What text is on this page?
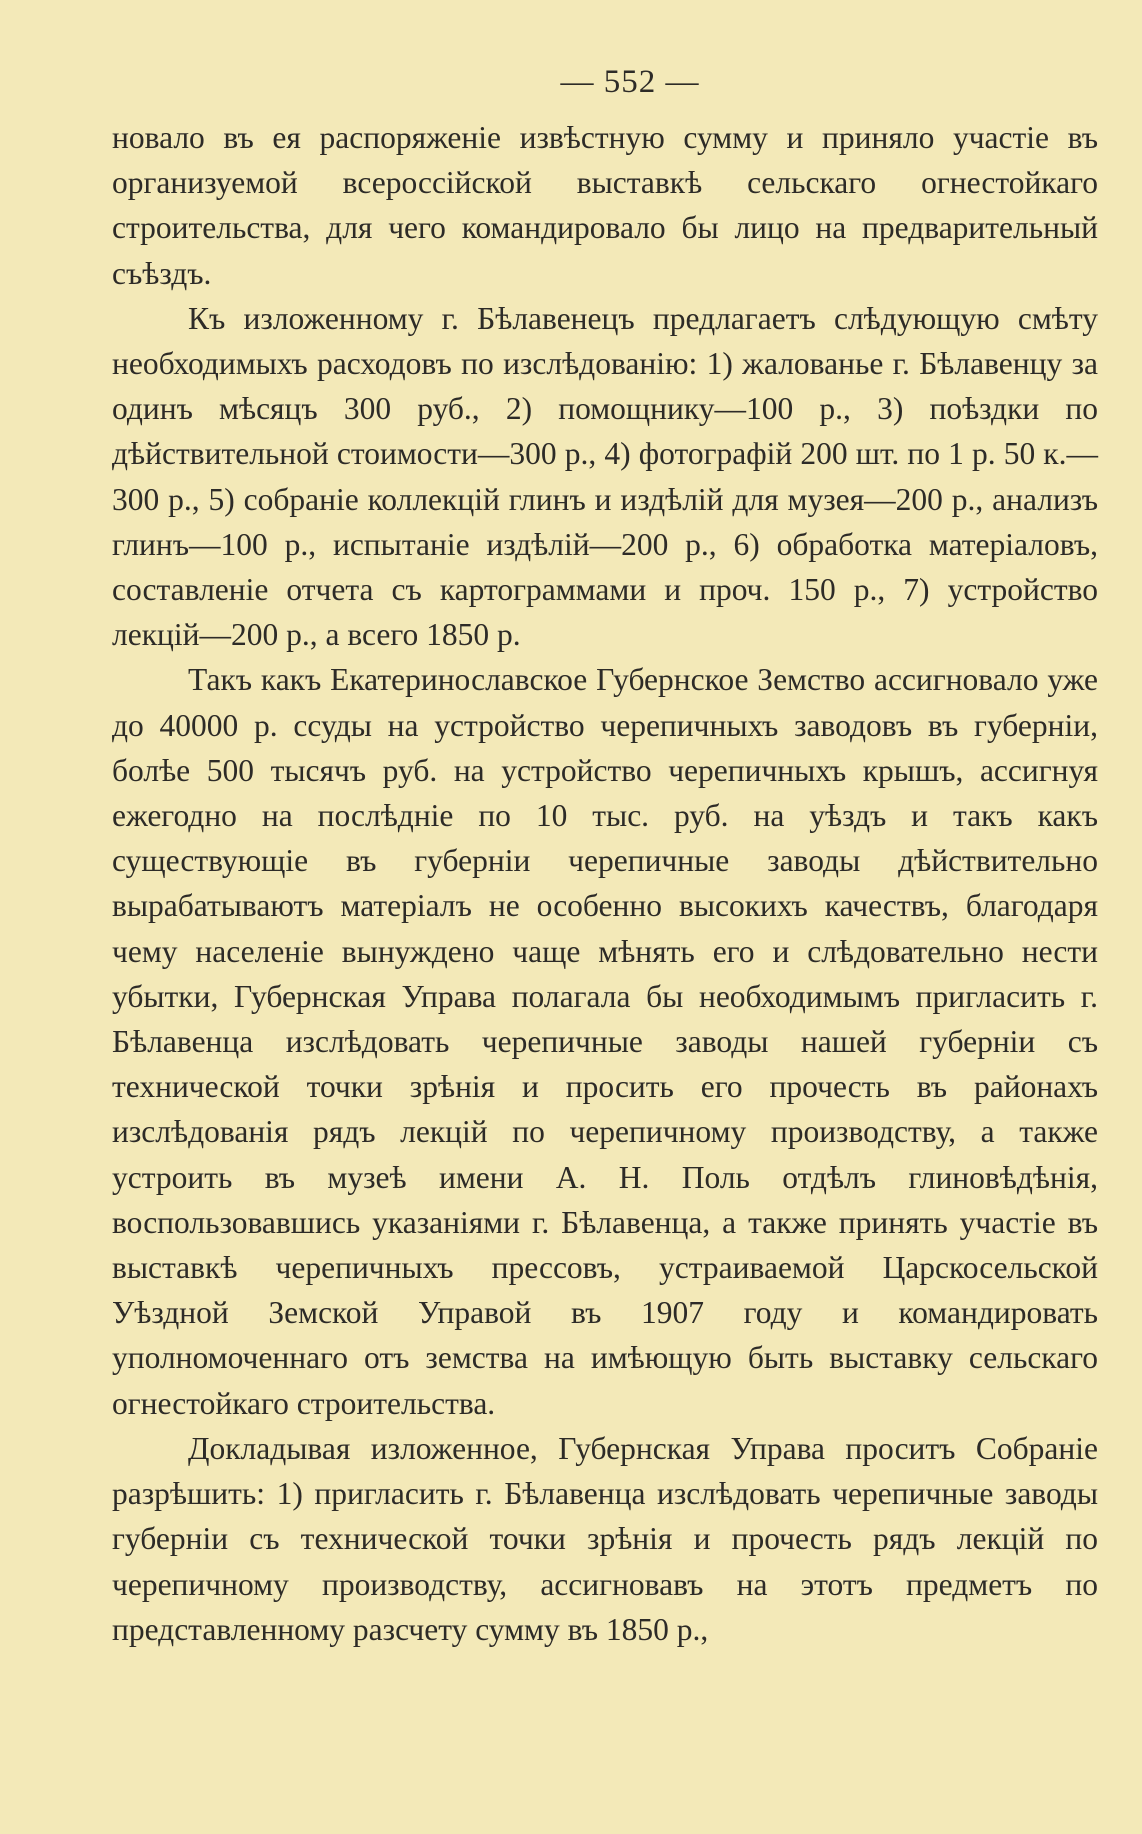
— 552 —

новало въ ея распоряженіе извѣстную сумму и приняло участіе въ организуемой всероссійской выставкѣ сельскаго огнестойкаго строительства, для чего командировало бы лицо на предварительный съѣздъ.

Къ изложенному г. Бѣлавенецъ предлагаетъ слѣдующую смѣту необходимыхъ расходовъ по изслѣдованію: 1) жалованье г. Бѣлавенцу за одинъ мѣсяцъ 300 руб., 2) помощнику—100 р., 3) поѣздки по дѣйствительной стоимости—300 р., 4) фотографій 200 шт. по 1 р. 50 к.—300 р., 5) собраніе коллекцій глинъ и издѣлій для музея—200 р., анализъ глинъ—100 р., испытаніе издѣлій—200 р., 6) обработка матеріаловъ, составленіе отчета съ картограммами и проч. 150 р., 7) устройство лекцій—200 р., а всего 1850 р.

Такъ какъ Екатеринославское Губернское Земство ассигновало уже до 40000 р. ссуды на устройство черепичныхъ заводовъ въ губерніи, болѣе 500 тысячъ руб. на устройство черепичныхъ крышъ, ассигнуя ежегодно на послѣдніе по 10 тыс. руб. на уѣздъ и такъ какъ существующіе въ губерніи черепичные заводы дѣйствительно вырабатываютъ матеріалъ не особенно высокихъ качествъ, благодаря чему населеніе вынуждено чаще мѣнять его и слѣдовательно нести убытки, Губернская Управа полагала бы необходимымъ пригласить г. Бѣлавенца изслѣдовать черепичные заводы нашей губерніи съ технической точки зрѣнія и просить его прочесть въ районахъ изслѣдованія рядъ лекцій по черепичному производству, а также устроить въ музеѣ имени А. Н. Поль отдѣлъ глиновѣдѣнія, воспользовавшись указаніями г. Бѣлавенца, а также принять участіе въ выставкѣ черепичныхъ прессовъ, устраиваемой Царскосельской Уѣздной Земской Управой въ 1907 году и командировать уполномоченнаго отъ земства на имѣющую быть выставку сельскаго огнестойкаго строительства.

Докладывая изложенное, Губернская Управа проситъ Собраніе разрѣшить: 1) пригласить г. Бѣлавенца изслѣдовать черепичные заводы губерніи съ технической точки зрѣнія и прочесть рядъ лекцій по черепичному производству, ассигновавъ на этотъ предметъ по представленному разсчету сумму въ 1850 р.,
